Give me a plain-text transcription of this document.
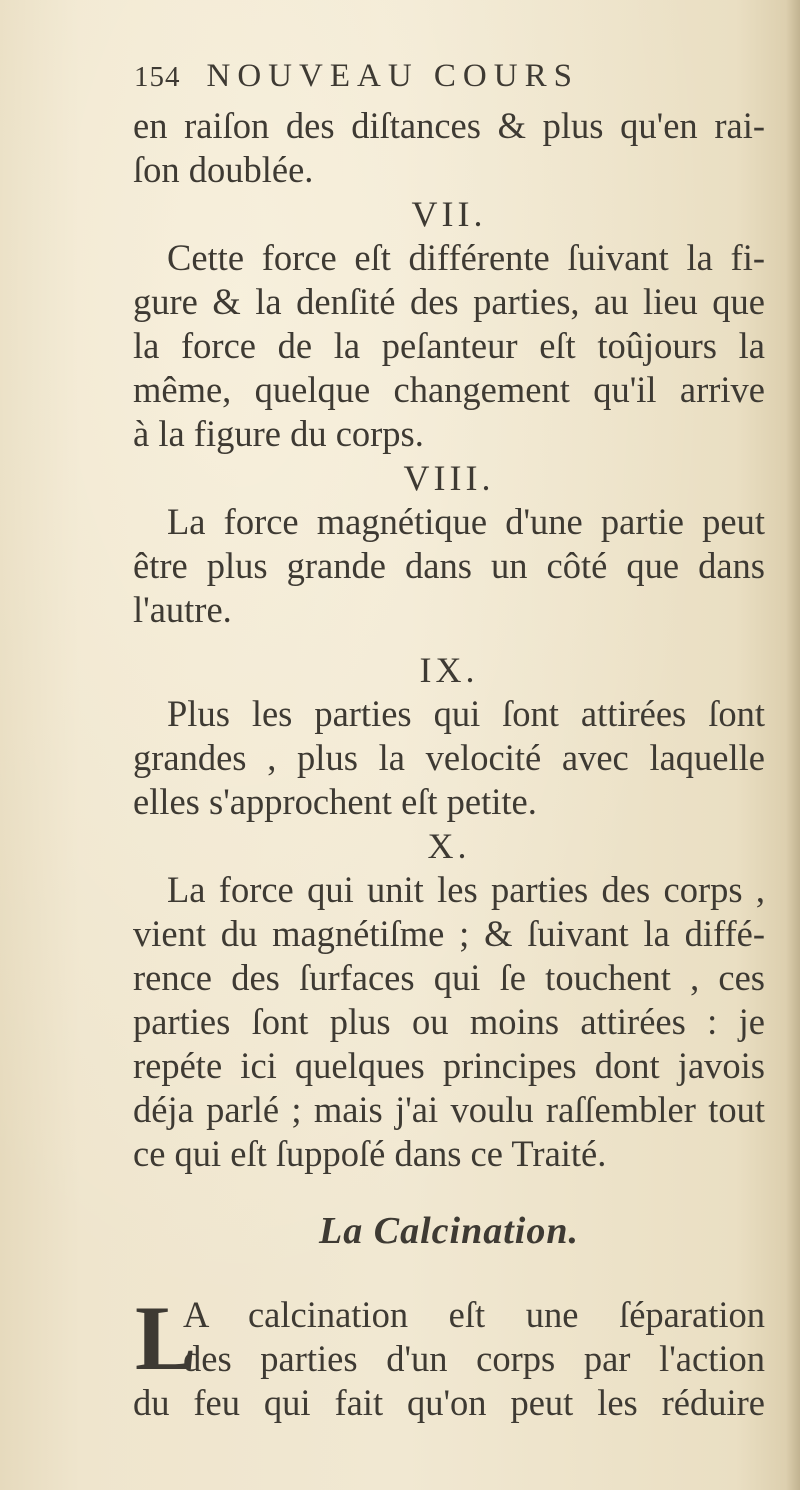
154 NOUVEAU COURS
en raiſon des diſtances & plus qu'en rai-
ſon doublée.
VII.
Cette force eſt différente ſuivant la fi-
gure & la denſité des parties, au lieu que
la force de la peſanteur eſt toûjours la
même, quelque changement qu'il arrive
à la figure du corps.
VIII.
La force magnétique d'une partie peut
être plus grande dans un côté que dans
l'autre.
IX.
Plus les parties qui ſont attirées ſont
grandes , plus la velocité avec laquelle
elles s'approchent eſt petite.
X.
La force qui unit les parties des corps ,
vient du magnétiſme ; & ſuivant la diffé-
rence des ſurfaces qui ſe touchent , ces
parties ſont plus ou moins attirées : je
repéte ici quelques principes dont javois
déja parlé ; mais j'ai voulu raſſembler tout
ce qui eſt ſuppoſé dans ce Traité.
La Calcination.
L
A calcination eſt une ſéparation
des parties d'un corps par l'action
du feu qui fait qu'on peut les réduire
